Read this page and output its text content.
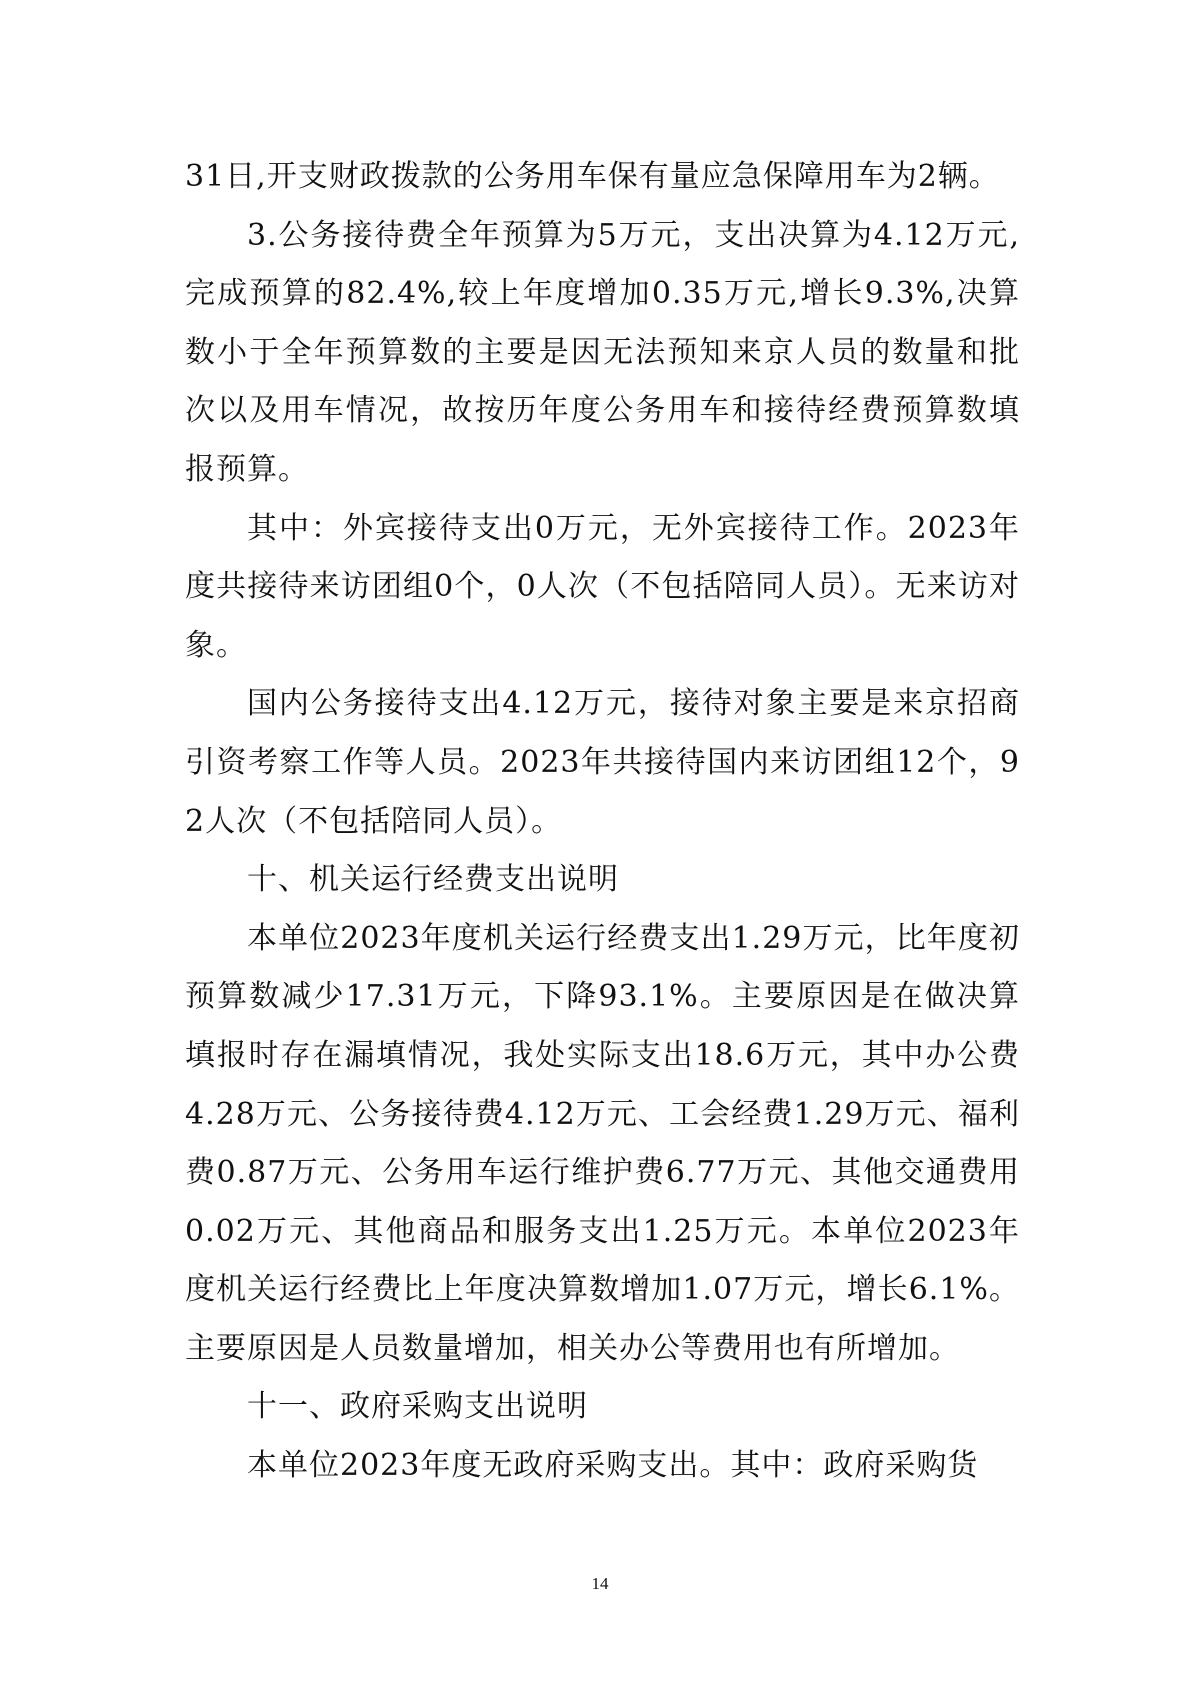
31日,开支财政拨款的公务用车保有量应急保障用车为2辆。

3.公务接待费全年预算为5万元，支出决算为4.12万元,完成预算的82.4%,较上年度增加0.35万元,增长9.3%,决算数小于全年预算数的主要是因无法预知来京人员的数量和批次以及用车情况，故按历年度公务用车和接待经费预算数填报预算。

其中：外宾接待支出0万元，无外宾接待工作。2023年度共接待来访团组0个，0人次（不包括陪同人员）。无来访对象。

国内公务接待支出4.12万元，接待对象主要是来京招商引资考察工作等人员。2023年共接待国内来访团组12个，92人次（不包括陪同人员）。

十、机关运行经费支出说明

本单位2023年度机关运行经费支出1.29万元，比年度初预算数减少17.31万元，下降93.1%。主要原因是在做决算填报时存在漏填情况，我处实际支出18.6万元，其中办公费4.28万元、公务接待费4.12万元、工会经费1.29万元、福利费0.87万元、公务用车运行维护费6.77万元、其他交通费用0.02万元、其他商品和服务支出1.25万元。本单位2023年度机关运行经费比上年度决算数增加1.07万元，增长6.1%。主要原因是人员数量增加，相关办公等费用也有所增加。

十一、政府采购支出说明

本单位2023年度无政府采购支出。其中：政府采购货

14
